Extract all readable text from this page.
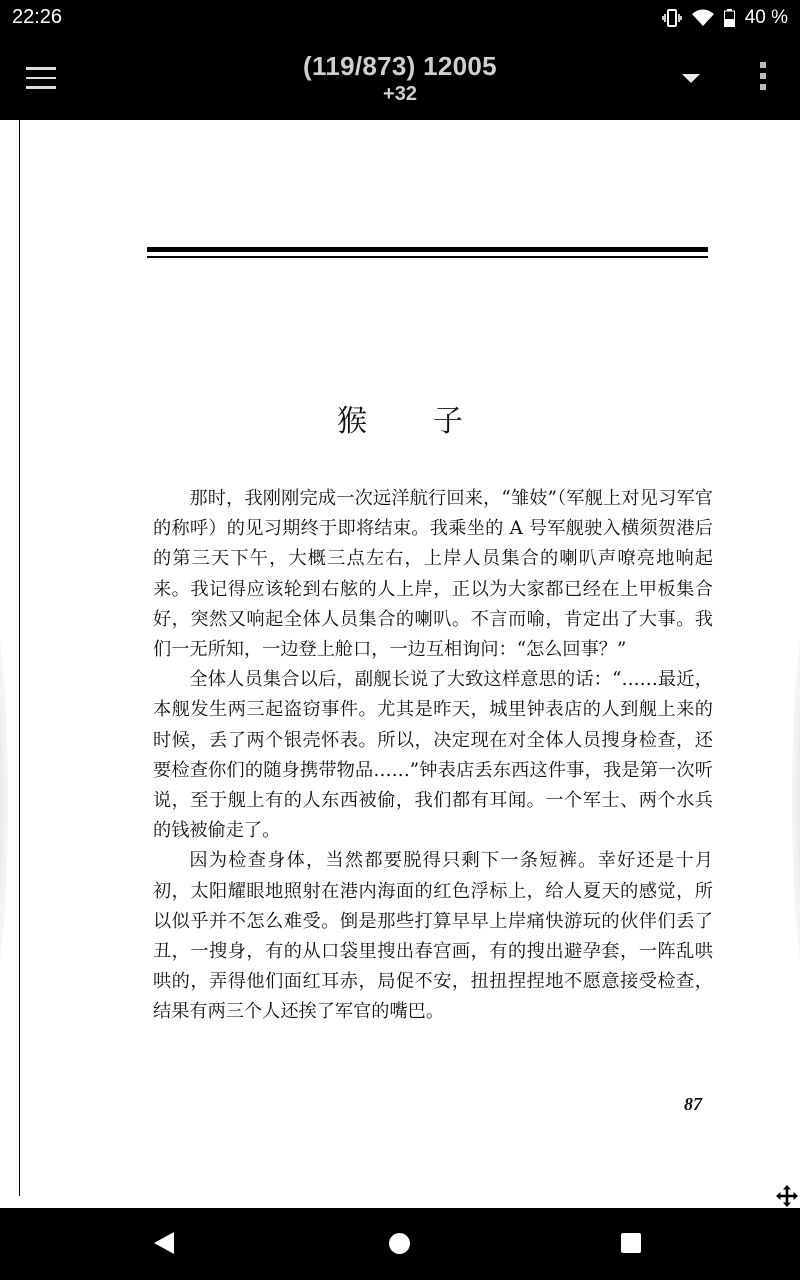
22:26	40 %
(119/873) 12005
+32
猴 子

那时，我刚刚完成一次远洋航行回来，“雏妓”（军舰上对见习军官的称呼）的见习期终于即将结束。我乘坐的 A 号军舰驶入横须贺港后的第三天下午，大概三点左右，上岸人员集合的喇叭声嘹亮地响起来。我记得应该轮到右舷的人上岸，正以为大家都已经在上甲板集合好，突然又响起全体人员集合的喇叭。不言而喻，肯定出了大事。我们一无所知，一边登上舱口，一边互相询问：“怎么回事？”

全体人员集合以后，副舰长说了大致这样意思的话：“……最近，本舰发生两三起盗窃事件。尤其是昨天，城里钟表店的人到舰上来的时候，丢了两个银壳怀表。所以，决定现在对全体人员搜身检查，还要检查你们的随身携带物品……”钟表店丢东西这件事，我是第一次听说，至于舰上有的人东西被偷，我们都有耳闻。一个军士、两个水兵的钱被偷走了。

因为检查身体，当然都要脱得只剩下一条短裤。幸好还是十月初，太阳耀眼地照射在港内海面的红色浮标上，给人夏天的感觉，所以似乎并不怎么难受。倒是那些打算早早上岸痛快游玩的伙伴们丢了丑，一搜身，有的从口袋里搜出春宫画，有的搜出避孕套，一阵乱哄哄的，弄得他们面红耳赤，局促不安，扭扭捏捏地不愿意接受检查，结果有两三个人还挨了军官的嘴巴。

87
